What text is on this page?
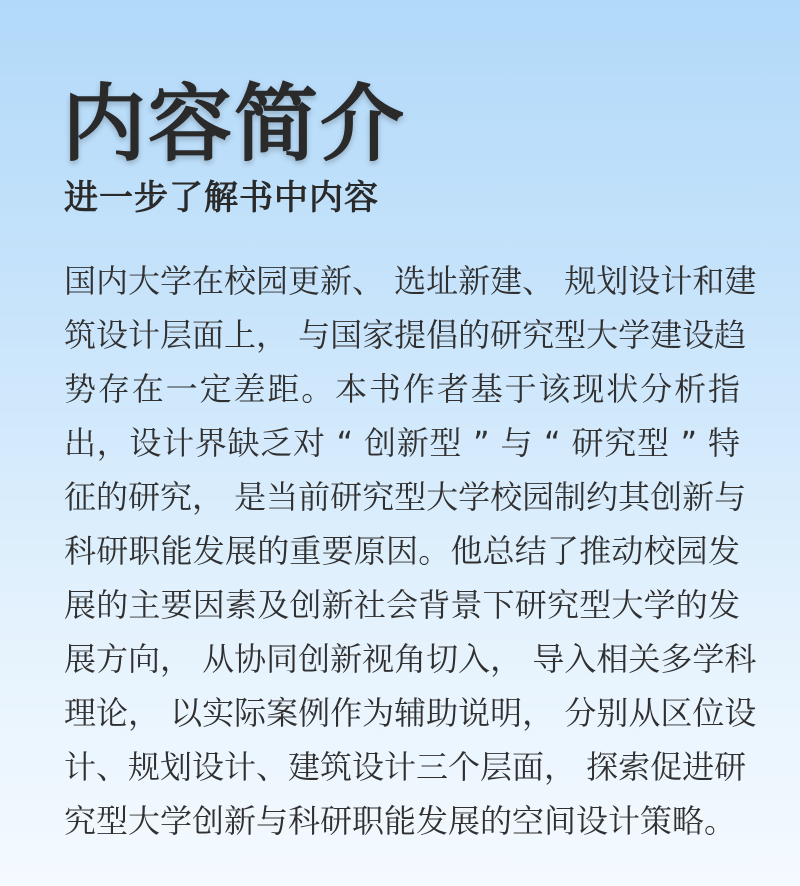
内容简介
进一步了解书中内容
国内大学在校园更新、 选址新建、 规划设计和建
筑设计层面上， 与国家提倡的研究型大学建设趋
势存在一定差距。本书作者基于该现状分析指
出，设计界缺乏对 “ 创新型 ” 与 “ 研究型 ” 特
征的研究， 是当前研究型大学校园制约其创新与
科研职能发展的重要原因。他总结了推动校园发
展的主要因素及创新社会背景下研究型大学的发
展方向， 从协同创新视角切入， 导入相关多学科
理论， 以实际案例作为辅助说明， 分别从区位设
计、规划设计、建筑设计三个层面， 探索促进研
究型大学创新与科研职能发展的空间设计策略。
